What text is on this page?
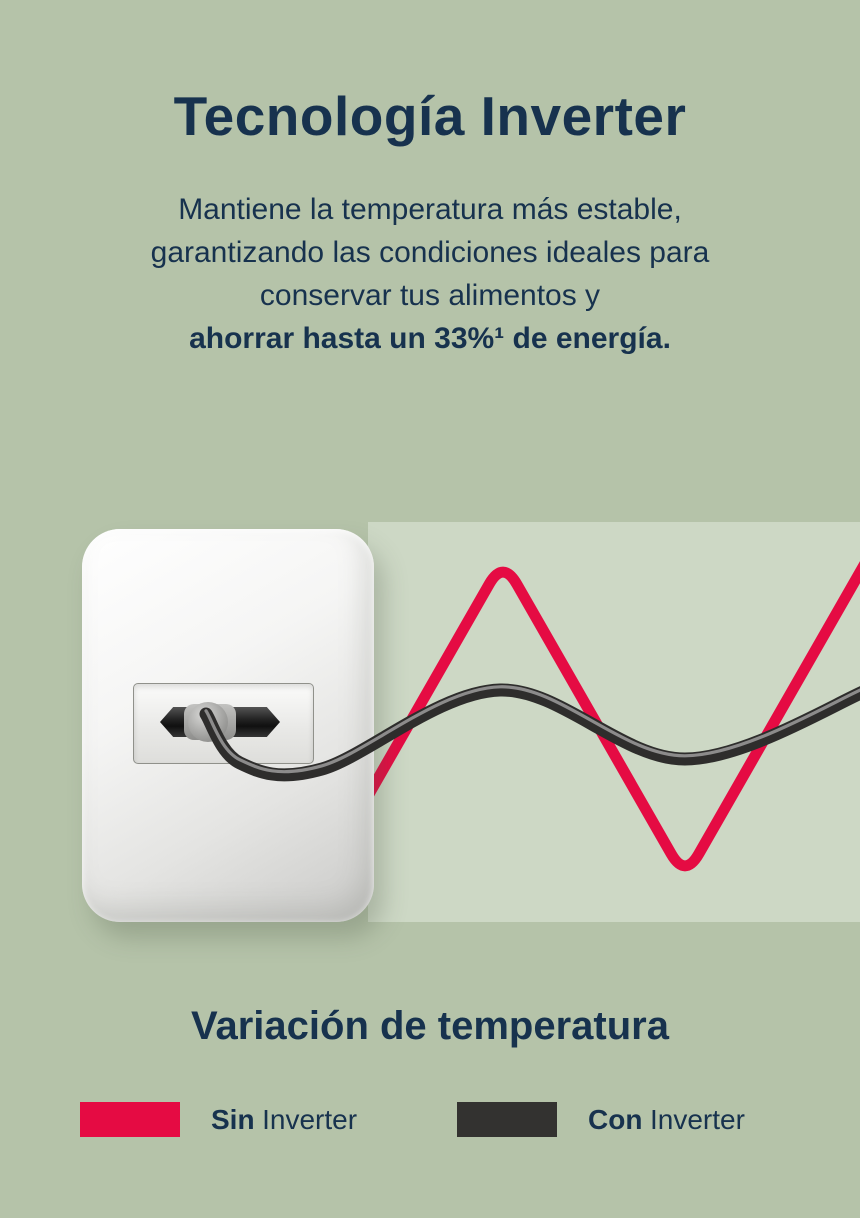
Tecnología Inverter
Mantiene la temperatura más estable,
garantizando las condiciones ideales para
conservar tus alimentos y
ahorrar hasta un 33%¹ de energía.
Variación de temperatura
Sin Inverter	Con Inverter
